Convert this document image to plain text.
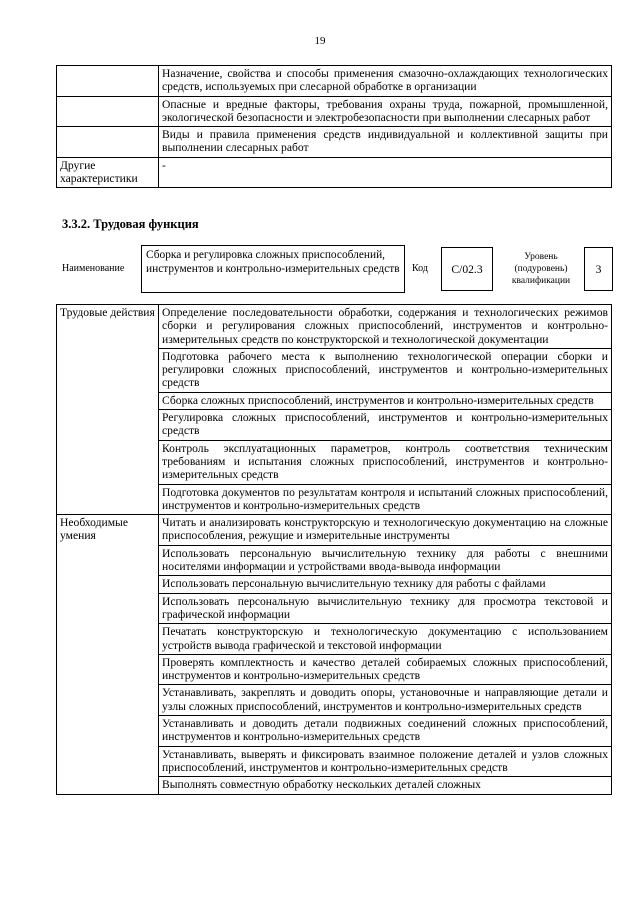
19
	Назначение, свойства и способы применения смазочно-охлаждающих технологических средств, используемых при слесарной обработке в организации
	Опасные и вредные факторы, требования охраны труда, пожарной, промышленной, экологической безопасности и электробезопасности при выполнении слесарных работ
	Виды и правила применения средств индивидуальной и коллективной защиты при выполнении слесарных работ
Другие характеристики	-
3.3.2. Трудовая функция
Наименование
Сборка и регулировка сложных приспособлений, инструментов и контрольно-измерительных средств	Код	С/02.3
Уровень (подуровень) квалификации
3
Трудовые действия	Определение последовательности обработки, содержания и технологических режимов сборки и регулирования сложных приспособлений, инструментов и контрольно-измерительных средств по конструкторской и технологической документации
	Подготовка рабочего места к выполнению технологической операции сборки и регулировки сложных приспособлений, инструментов и контрольно-измерительных средств
	Сборка сложных приспособлений, инструментов и контрольно-измерительных средств
	Регулировка сложных приспособлений, инструментов и контрольно-измерительных средств
	Контроль эксплуатационных параметров, контроль соответствия техническим требованиям и испытания сложных приспособлений, инструментов и контрольно-измерительных средств
	Подготовка документов по результатам контроля и испытаний сложных приспособлений, инструментов и контрольно-измерительных средств
Необходимые умения	Читать и анализировать конструкторскую и технологическую документацию на сложные приспособления, режущие и измерительные инструменты
	Использовать персональную вычислительную технику для работы с внешними носителями информации и устройствами ввода-вывода информации
	Использовать персональную вычислительную технику для работы с файлами
	Использовать персональную вычислительную технику для просмотра текстовой и графической информации
	Печатать конструкторскую и технологическую документацию с использованием устройств вывода графической и текстовой информации
	Проверять комплектность и качество деталей собираемых сложных приспособлений, инструментов и контрольно-измерительных средств
	Устанавливать, закреплять и доводить опоры, установочные и направляющие детали и узлы сложных приспособлений, инструментов и контрольно-измерительных средств
	Устанавливать и доводить детали подвижных соединений сложных приспособлений, инструментов и контрольно-измерительных средств
	Устанавливать, выверять и фиксировать взаимное положение деталей и узлов сложных приспособлений, инструментов и контрольно-измерительных средств
	Выполнять совместную обработку нескольких деталей сложных
